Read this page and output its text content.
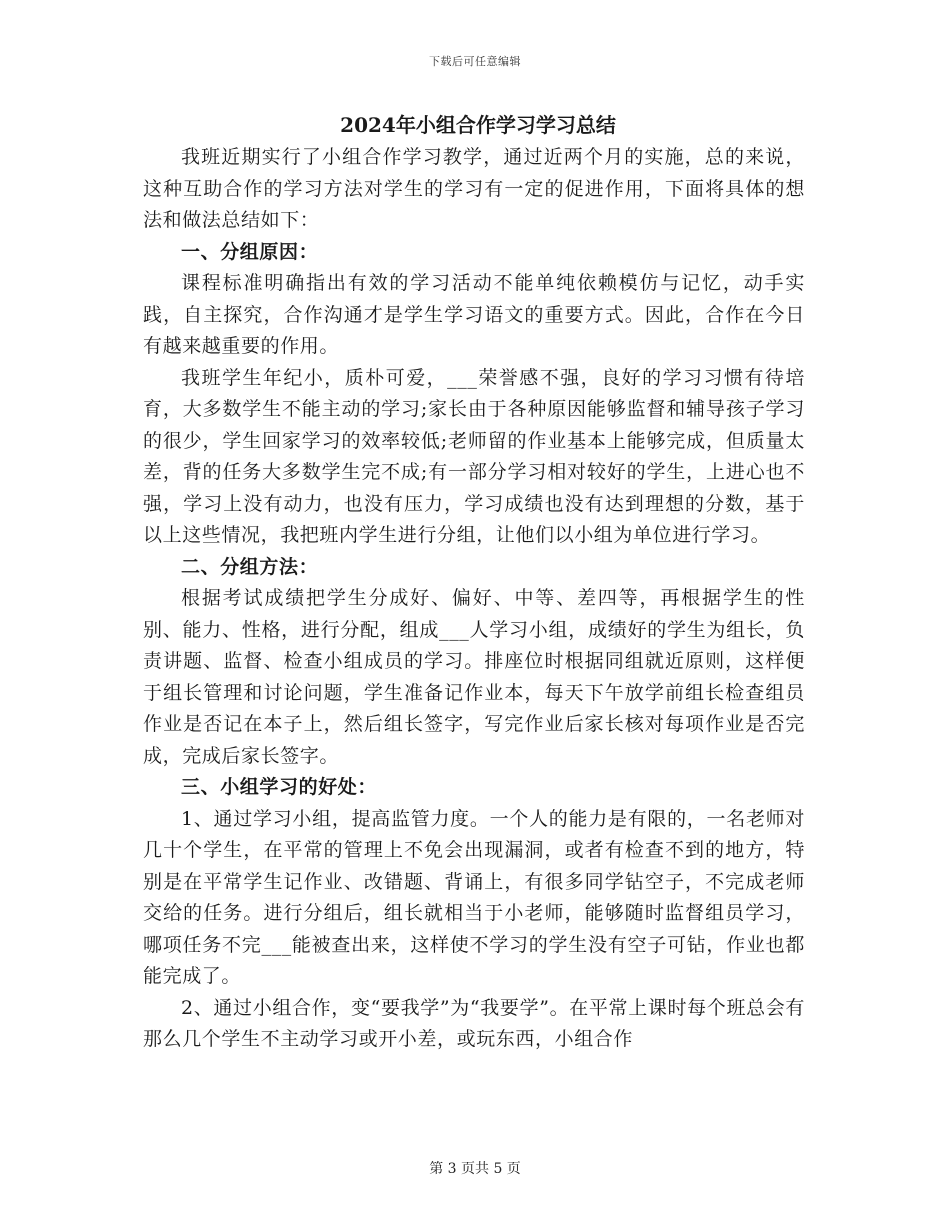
下载后可任意编辑
2024年小组合作学习学习总结

我班近期实行了小组合作学习教学，通过近两个月的实施，总的来说，这种互助合作的学习方法对学生的学习有一定的促进作用，下面将具体的想法和做法总结如下：

一、分组原因：

课程标准明确指出有效的学习活动不能单纯依赖模仿与记忆，动手实践，自主探究，合作沟通才是学生学习语文的重要方式。因此，合作在今日有越来越重要的作用。

我班学生年纪小，质朴可爱，___荣誉感不强，良好的学习习惯有待培育，大多数学生不能主动的学习;家长由于各种原因能够监督和辅导孩子学习的很少，学生回家学习的效率较低;老师留的作业基本上能够完成，但质量太差，背的任务大多数学生完不成;有一部分学习相对较好的学生，上进心也不强，学习上没有动力，也没有压力，学习成绩也没有达到理想的分数，基于以上这些情况，我把班内学生进行分组，让他们以小组为单位进行学习。

二、分组方法：

根据考试成绩把学生分成好、偏好、中等、差四等，再根据学生的性别、能力、性格，进行分配，组成___人学习小组，成绩好的学生为组长，负责讲题、监督、检查小组成员的学习。排座位时根据同组就近原则，这样便于组长管理和讨论问题，学生准备记作业本，每天下午放学前组长检查组员作业是否记在本子上，然后组长签字，写完作业后家长核对每项作业是否完成，完成后家长签字。

三、小组学习的好处：

1、通过学习小组，提高监管力度。一个人的能力是有限的，一名老师对几十个学生，在平常的管理上不免会出现漏洞，或者有检查不到的地方，特别是在平常学生记作业、改错题、背诵上，有很多同学钻空子，不完成老师交给的任务。进行分组后，组长就相当于小老师，能够随时监督组员学习，哪项任务不完___能被查出来，这样使不学习的学生没有空子可钻，作业也都能完成了。

2、通过小组合作，变“要我学”为“我要学”。在平常上课时每个班总会有那么几个学生不主动学习或开小差，或玩东西，小组合作

第 3 页共 5 页
